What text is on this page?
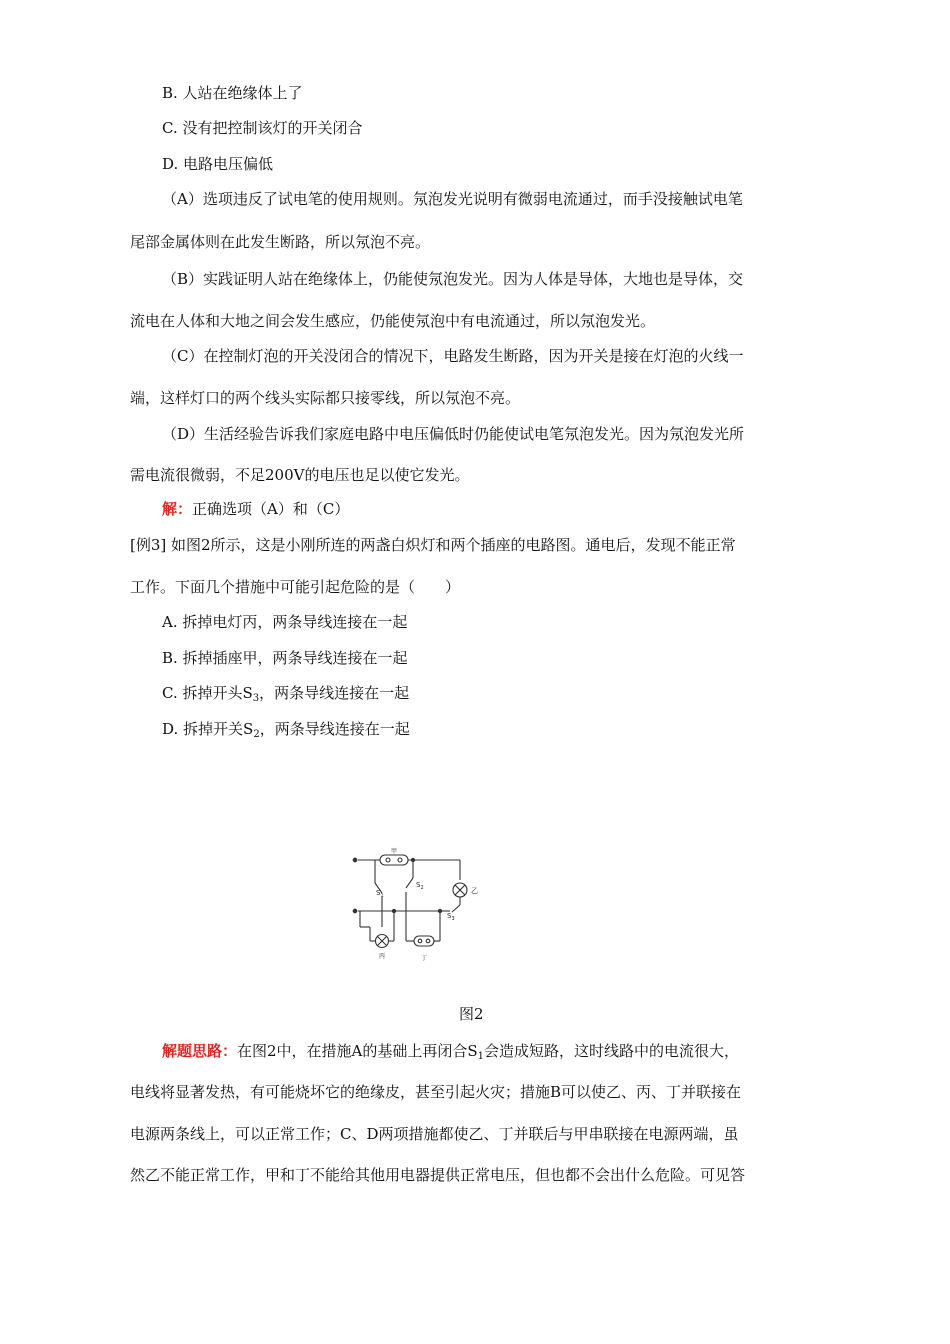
B. 人站在绝缘体上了
C. 没有把控制该灯的开关闭合
D. 电路电压偏低
（A）选项违反了试电笔的使用规则。氖泡发光说明有微弱电流通过，而手没接触试电笔
尾部金属体则在此发生断路，所以氖泡不亮。
（B）实践证明人站在绝缘体上，仍能使氖泡发光。因为人体是导体，大地也是导体，交
流电在人体和大地之间会发生感应，仍能使氖泡中有电流通过，所以氖泡发光。
（C）在控制灯泡的开关没闭合的情况下，电路发生断路，因为开关是接在灯泡的火线一
端，这样灯口的两个线头实际都只接零线，所以氖泡不亮。
（D）生活经验告诉我们家庭电路中电压偏低时仍能使试电笔氖泡发光。因为氖泡发光所
需电流很微弱，不足200V的电压也足以使它发光。
解：正确选项（A）和（C）
[例3] 如图2所示，这是小刚所连的两盏白炽灯和两个插座的电路图。通电后，发现不能正常
工作。下面几个措施中可能引起危险的是（　　）
A. 拆掉电灯丙，两条导线连接在一起
B. 拆掉插座甲，两条导线连接在一起
C. 拆掉开头$S_3$，两条导线连接在一起
D. 拆掉开关$S_2$，两条导线连接在一起
甲
乙
丙	丁
$S_1$
$S_2$
$S_3$
图2
解题思路：在图2中，在措施A的基础上再闭合$S_1$会造成短路，这时线路中的电流很大，
电线将显著发热，有可能烧坏它的绝缘皮，甚至引起火灾；措施B可以使乙、丙、丁并联接在
电源两条线上，可以正常工作；C、D两项措施都使乙、丁并联后与甲串联接在电源两端，虽
然乙不能正常工作，甲和丁不能给其他用电器提供正常电压，但也都不会出什么危险。可见答
